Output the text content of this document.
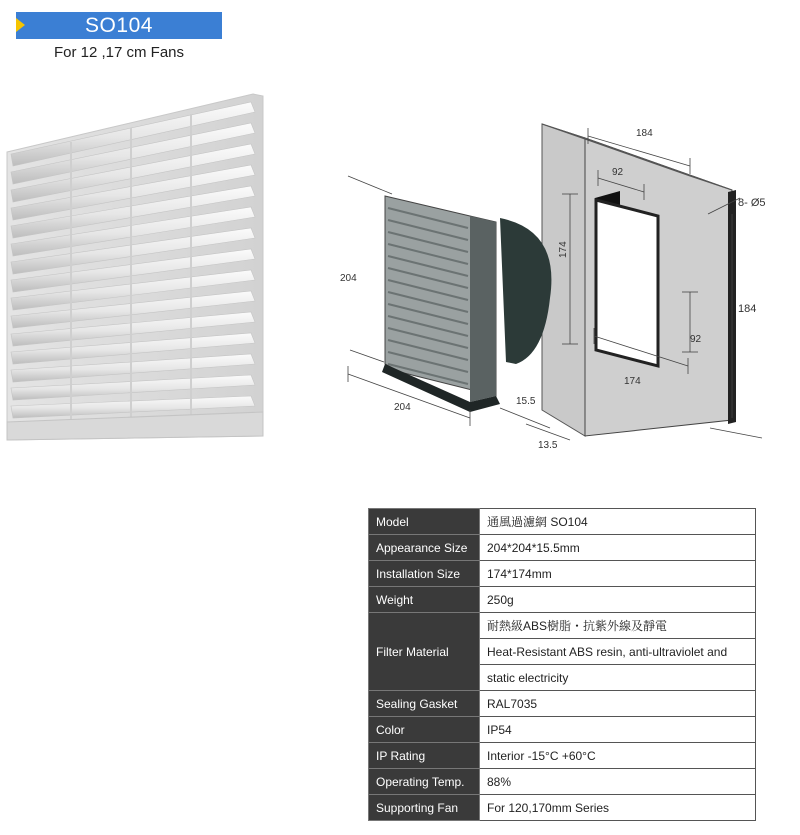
SO104
For 12 ,17 cm Fans
184
92
8- Ø5
184
92
174
174
204
204
15.5
13.5
Model	通風過濾網 SO104
Appearance Size	204*204*15.5mm
Installation Size	174*174mm
Weight	250g
Filter Material	耐熱級ABS樹脂・抗紫外線及靜電
	Heat-Resistant ABS resin, anti-ultraviolet and
	static electricity
Sealing Gasket	RAL7035
Color	IP54
IP Rating	Interior -15°C +60°C
Operating Temp.	88%
Supporting Fan	For 120,170mm Series
